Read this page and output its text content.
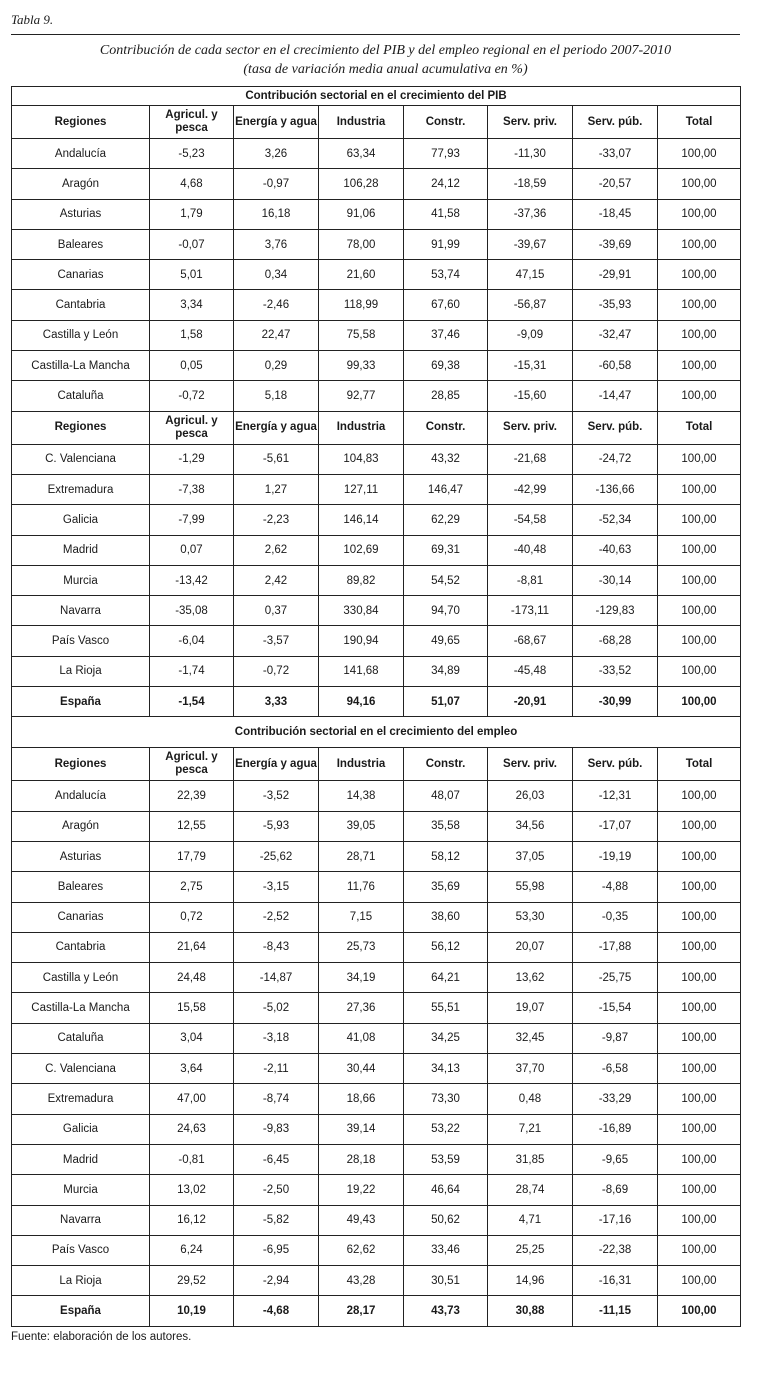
Tabla 9.
Contribución de cada sector en el crecimiento del PIB y del empleo regional en el periodo 2007-2010
(tasa de variación media anual acumulativa en %)
Contribución sectorial en el crecimiento del PIB							
Regiones	Agricul. y pesca	Energía y agua	Industria	Constr.	Serv. priv.	Serv. púb.	Total
Andalucía	-5,23	3,26	63,34	77,93	-11,30	-33,07	100,00
Aragón	4,68	-0,97	106,28	24,12	-18,59	-20,57	100,00
Asturias	1,79	16,18	91,06	41,58	-37,36	-18,45	100,00
Baleares	-0,07	3,76	78,00	91,99	-39,67	-39,69	100,00
Canarias	5,01	0,34	21,60	53,74	47,15	-29,91	100,00
Cantabria	3,34	-2,46	118,99	67,60	-56,87	-35,93	100,00
Castilla y León	1,58	22,47	75,58	37,46	-9,09	-32,47	100,00
Castilla-La Mancha	0,05	0,29	99,33	69,38	-15,31	-60,58	100,00
Cataluña	-0,72	5,18	92,77	28,85	-15,60	-14,47	100,00
Regiones	Agricul. y pesca	Energía y agua	Industria	Constr.	Serv. priv.	Serv. púb.	Total
C. Valenciana	-1,29	-5,61	104,83	43,32	-21,68	-24,72	100,00
Extremadura	-7,38	1,27	127,11	146,47	-42,99	-136,66	100,00
Galicia	-7,99	-2,23	146,14	62,29	-54,58	-52,34	100,00
Madrid	0,07	2,62	102,69	69,31	-40,48	-40,63	100,00
Murcia	-13,42	2,42	89,82	54,52	-8,81	-30,14	100,00
Navarra	-35,08	0,37	330,84	94,70	-173,11	-129,83	100,00
País Vasco	-6,04	-3,57	190,94	49,65	-68,67	-68,28	100,00
La Rioja	-1,74	-0,72	141,68	34,89	-45,48	-33,52	100,00
España	-1,54	3,33	94,16	51,07	-20,91	-30,99	100,00
Contribución sectorial en el crecimiento del empleo							
Regiones	Agricul. y pesca	Energía y agua	Industria	Constr.	Serv. priv.	Serv. púb.	Total
Andalucía	22,39	-3,52	14,38	48,07	26,03	-12,31	100,00
Aragón	12,55	-5,93	39,05	35,58	34,56	-17,07	100,00
Asturias	17,79	-25,62	28,71	58,12	37,05	-19,19	100,00
Baleares	2,75	-3,15	11,76	35,69	55,98	-4,88	100,00
Canarias	0,72	-2,52	7,15	38,60	53,30	-0,35	100,00
Cantabria	21,64	-8,43	25,73	56,12	20,07	-17,88	100,00
Castilla y León	24,48	-14,87	34,19	64,21	13,62	-25,75	100,00
Castilla-La Mancha	15,58	-5,02	27,36	55,51	19,07	-15,54	100,00
Cataluña	3,04	-3,18	41,08	34,25	32,45	-9,87	100,00
C. Valenciana	3,64	-2,11	30,44	34,13	37,70	-6,58	100,00
Extremadura	47,00	-8,74	18,66	73,30	0,48	-33,29	100,00
Galicia	24,63	-9,83	39,14	53,22	7,21	-16,89	100,00
Madrid	-0,81	-6,45	28,18	53,59	31,85	-9,65	100,00
Murcia	13,02	-2,50	19,22	46,64	28,74	-8,69	100,00
Navarra	16,12	-5,82	49,43	50,62	4,71	-17,16	100,00
País Vasco	6,24	-6,95	62,62	33,46	25,25	-22,38	100,00
La Rioja	29,52	-2,94	43,28	30,51	14,96	-16,31	100,00
España	10,19	-4,68	28,17	43,73	30,88	-11,15	100,00
Fuente: elaboración de los autores.
